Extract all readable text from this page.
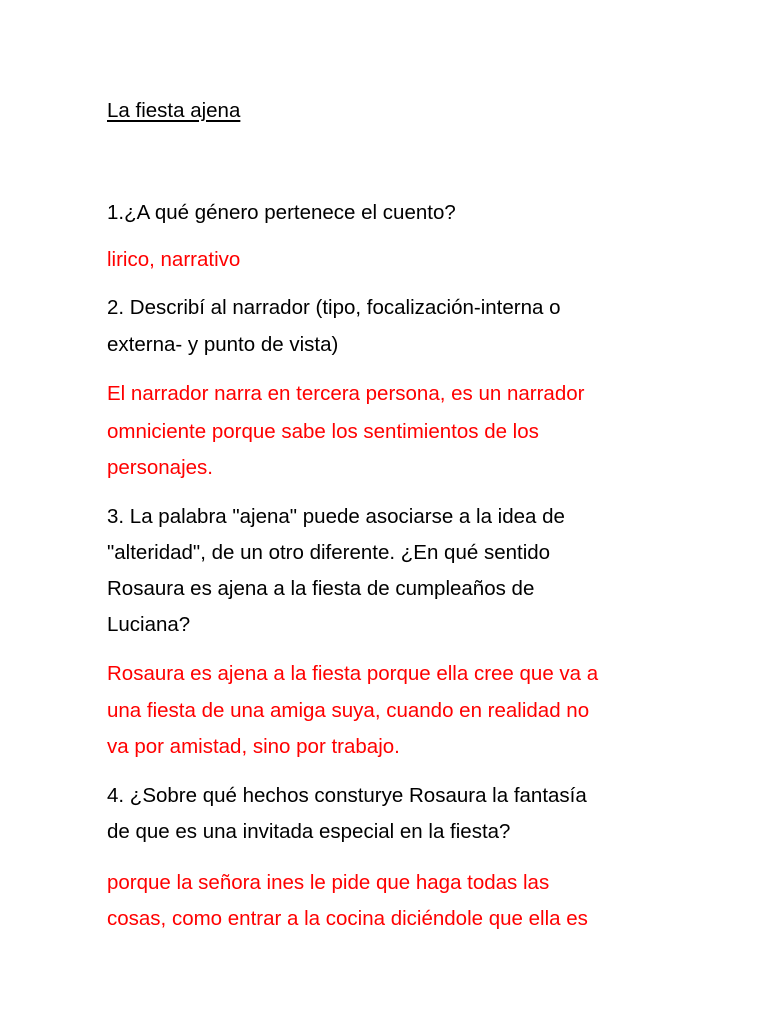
La fiesta ajena

1.¿A qué género pertenece el cuento?

lirico, narrativo

2. Describí al narrador (tipo, focalización-interna o

externa- y punto de vista)

El narrador narra en tercera persona, es un narrador

omniciente porque sabe los sentimientos de los

personajes.

3. La palabra "ajena" puede asociarse a la idea de

"alteridad", de un otro diferente. ¿En qué sentido

Rosaura es ajena a la fiesta de cumpleaños de

Luciana?

Rosaura es ajena a la fiesta porque ella cree que va a

una fiesta de una amiga suya, cuando en realidad no

va por amistad, sino por trabajo.

4. ¿Sobre qué hechos consturye Rosaura la fantasía

de que es una invitada especial en la fiesta?

porque la señora ines le pide que haga todas las

cosas, como entrar a la cocina diciéndole que ella es
